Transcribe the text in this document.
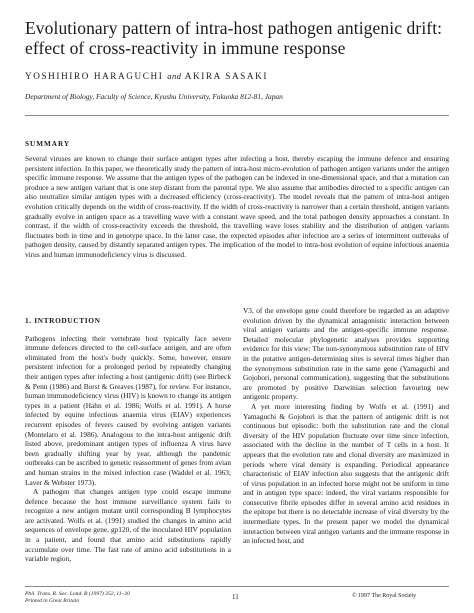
Evolutionary pattern of intra-host pathogen antigenic drift: effect of cross-reactivity in immune response
YOSHIHIRO HARAGUCHI and AKIRA SASAKI
Department of Biology, Faculty of Science, Kyushu University, Fukuoka 812-81, Japan
SUMMARY

Several viruses are known to change their surface antigen types after infecting a host, thereby escaping the immune defence and ensuring persistent infection. In this paper, we theoretically study the pattern of intra-host micro-evolution of pathogen antigen variants under the antigen specific immune response. We assume that the antigen types of the pathogen can be indexed in one-dimensional space, and that a mutation can produce a new antigen variant that is one step distant from the parental type. We also assume that antibodies directed to a specific antigen can also neutralize similar antigen types with a decreased efficiency (cross-reactivity). The model reveals that the pattern of intra-host antigen evolution critically depends on the width of cross-reactivity. If the width of cross-reactivity is narrower than a certain threshold, antigen variants gradually evolve in antigen space as a travelling wave with a constant wave speed, and the total pathogen density approaches a constant. In contrast, if the width of cross-reactivity exceeds the threshold, the travelling wave loses stability and the distribution of antigen variants fluctuates both in time and in genotype space. In the latter case, the expected episodes after infection are a series of intermittent outbreaks of pathogen density, caused by distantly separated antigen types. The implication of the model to intra-host evolution of equine infectious anaemia virus and human immunodeficiency virus is discussed.

1. INTRODUCTION

Pathogens infecting their vertebrate host typically face severe immune defences directed to the cell-surface antigen, and are often eliminated from the host's body quickly. Some, however, ensure persistent infection for a prolonged period by repeatedly changing their antigen types after infecting a host (antigenic drift) (see Birbeck & Penn (1986) and Borst & Greaves (1987), for review. For instance, human immunodeficiency virus (HIV) is known to change its antigen types in a patient (Hahn et al. 1986; Wolfs et al. 1991). A horse infected by equine infectious anaemia virus (EIAV) experiences recurrent episodes of fevers caused by evolving antigen variants (Montelaro et al. 1986). Analogous to the intra-host antigenic drift listed above, predominant antigen types of influenza A virus have been gradually shifting year by year, although the pandemic outbreaks can be ascribed to genetic reassortment of genes from avian and human strains in the mixed infection case (Waddel et al. 1963; Laver & Webster 1973).

A pathogen that changes antigen type could escape immune defence because the host immune surveillance system fails to recognize a new antigen mutant until corresponding B lymphocytes are activated. Wolfs et al. (1991) studied the changes in amino acid sequences of envelope gene, gp120, of the inoculated HIV population in a patient, and found that amino acid substitutions rapidly accumulate over time. The fast rate of amino acid substitutions in a variable region,

V3, of the envelope gene could therefore be regarded as an adaptive evolution driven by the dynamical antagonistic interaction between viral antigen variants and the antigen-specific immune response. Detailed molecular phylogenetic analyses provides supporting evidence for this view: The non-synonymous substitution rate of HIV in the putative antigen-determining sites is several times higher than the synonymous substitution rate in the same gene (Yamaguchi and Gojobori, personal communication), suggesting that the substitutions are promoted by positive Darwinian selection favouring new antigenic property.

A yet more interesting finding by Wolfs et al. (1991) and Yamaguchi & Gojobori is that the pattern of antigenic drift is not continuous but episodic: both the substitution rate and the clonal diversity of the HIV population fluctuate over time since infection, associated with the decline in the number of T cells in a host. It appears that the evolution rate and clonal diversity are maximized in periods where viral density is expanding. Periodical appearance characteristic of EIAV infection also suggests that the antigenic drift of virus population in an infected horse might not be uniform in time and in antigen type space: indeed, the viral variants responsible for consecutive fibrile episodes differ in several amino acid residues in the epitope but there is no detectable increase of viral diversity by the intermediate types. In the present paper we model the dynamical interaction between viral antigen variants and the immune response in an infected host, and

Phil. Trans. R. Soc. Lond. B (1997) 352, 11–20
Printed in Great Britain	11	© 1997 The Royal Society
